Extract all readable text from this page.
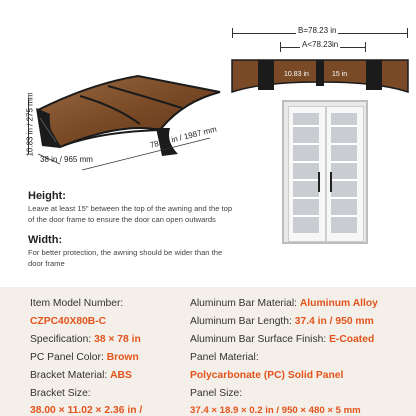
10.83 in / 275 mm
38 in / 965 mm
78.23 in / 1987 mm
B=78.23 in
A<78.23in
10.83 in	15 in
Height:
Leave at least 15" between the top of the awning and the top
of the door frame to ensure the door can open outwards
Width:
For better protection, the awning should be wider than the
door frame
Item Model Number:
CZPC40X80B-C
Specification: 38 × 78 in
PC Panel Color: Brown
Bracket Material: ABS
Bracket Size:
38.00 × 11.02 × 2.36 in /
Aluminum Bar Material: Aluminum Alloy
Aluminum Bar Length: 37.4 in / 950 mm
Aluminum Bar Surface Finish: E-Coated
Panel Material:
Polycarbonate (PC) Solid Panel
Panel Size:
37.4 × 18.9 × 0.2 in / 950 × 480 × 5 mm
